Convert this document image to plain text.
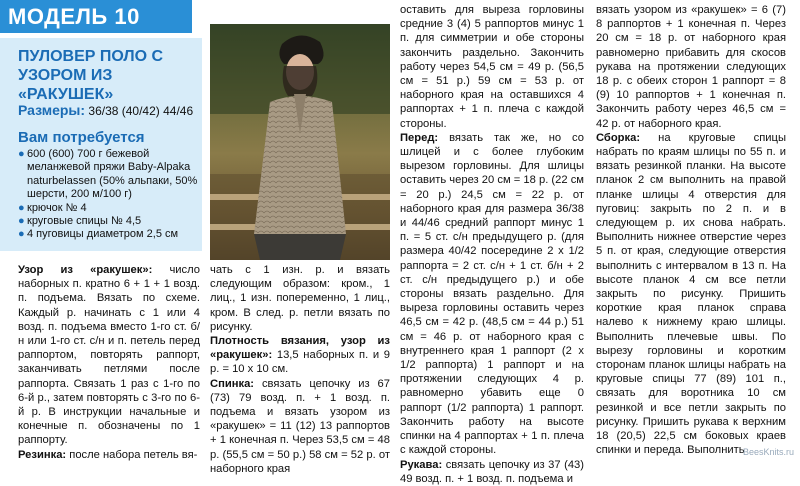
МОДЕЛЬ 10
ПУЛОВЕР ПОЛО С УЗОРОМ ИЗ «РАКУШЕК»
Размеры: 36/38 (40/42) 44/46
Вам потребуется
● 600 (600) 700 г бежевой меланжевой пряжи Baby-Alpaka naturbelassen (50% альпаки, 50% шерсти, 200 м/100 г)
● крючок № 4
● круговые спицы № 4,5
● 4 пуговицы диаметром 2,5 см
Узор из «ракушек»: число наборных п. кратно 6 + 1 + 1 возд. п. подъема. Вязать по схеме. Каждый р. начинать с 1 или 4 возд. п. подъема вместо 1-го ст. б/н или 1-го ст. с/н и п. петель перед раппортом, повторять раппорт, заканчивать петлями после раппорта. Связать 1 раз с 1-го по 6-й р., затем повторять с 3-го по 6-й р. В инструкции начальные и конечные п. обозначены по 1 раппорту.
Резинка: после набора петель вя-
чать с 1 изн. р. и вязать следующим образом: кром., 1 лиц., 1 изн. попеременно, 1 лиц., кром. В след. р. петли вязать по рисунку.
Плотность вязания, узор из «ракушек»: 13,5 наборных п. и 9 р. = 10 х 10 см.
Спинка: связать цепочку из 67 (73) 79 возд. п. + 1 возд. п. подъема и вязать узором из «ракушек» = 11 (12) 13 раппортов + 1 конечная п. Через 53,5 см = 48 р. (55,5 см = 50 р.) 58 см = 52 р. от наборного края
оставить для выреза горловины средние 3 (4) 5 раппортов минус 1 п. для симметрии и обе стороны закончить раздельно. Закончить работу через 54,5 см = 49 р. (56,5 см = 51 р.) 59 см = 53 р. от наборного края на оставшихся 4 раппортах + 1 п. плеча с каждой стороны.
Перед: вязать так же, но со шлицей и с более глубоким вырезом горловины. Для шлицы оставить через 20 см = 18 р. (22 см = 20 р.) 24,5 см = 22 р. от наборного края для размера 36/38 и 44/46 средний раппорт минус 1 п. = 5 ст. с/н предыдущего р. (для размера 40/42 посередине 2 x 1/2 раппорта = 2 ст. с/н + 1 ст. б/н + 2 ст. с/н предыдущего р.) и обе стороны вязать раздельно. Для выреза горловины оставить через 46,5 см = 42 р. (48,5 см = 44 р.) 51 см = 46 р. от наборного края с внутреннего края 1 раппорт (2 x 1/2 раппорта) 1 раппорт и на протяжении следующих 4 р. равномерно убавить еще 0 раппорт (1/2 раппорта) 1 раппорт. Закончить работу на высоте спинки на 4 раппортах + 1 п. плеча с каждой стороны.
Рукава: связать цепочку из 37 (43) 49 возд. п. + 1 возд. п. подъема и
вязать узором из «ракушек» = 6 (7) 8 раппортов + 1 конечная п. Через 20 см = 18 р. от наборного края равномерно прибавить для скосов рукава на протяжении следующих 18 р. с обеих сторон 1 раппорт = 8 (9) 10 раппортов + 1 конечная п. Закончить работу через 46,5 см = 42 р. от наборного края.
Сборка: на круговые спицы набрать по краям шлицы по 55 п. и вязать резинкой планки. На высоте планок 2 см выполнить на правой планке шлицы 4 отверстия для пуговиц: закрыть по 2 п. и в следующем р. их снова набрать. Выполнить нижнее отверстие через 5 п. от края, следующие отверстия выполнить с интервалом в 13 п. На высоте планок 4 см все петли закрыть по рисунку. Пришить короткие края планок справа налево к нижнему краю шлицы. Выполнить плечевые швы. По вырезу горловины и коротким сторонам планок шлицы набрать на круговые спицы 77 (89) 101 п., связать для воротника 10 см резинкой и все петли закрыть по рисунку. Пришить рукава к верхним 18 (20,5) 22,5 см боковых краев спинки и переда. Выполнить
BeesKnits.ru
